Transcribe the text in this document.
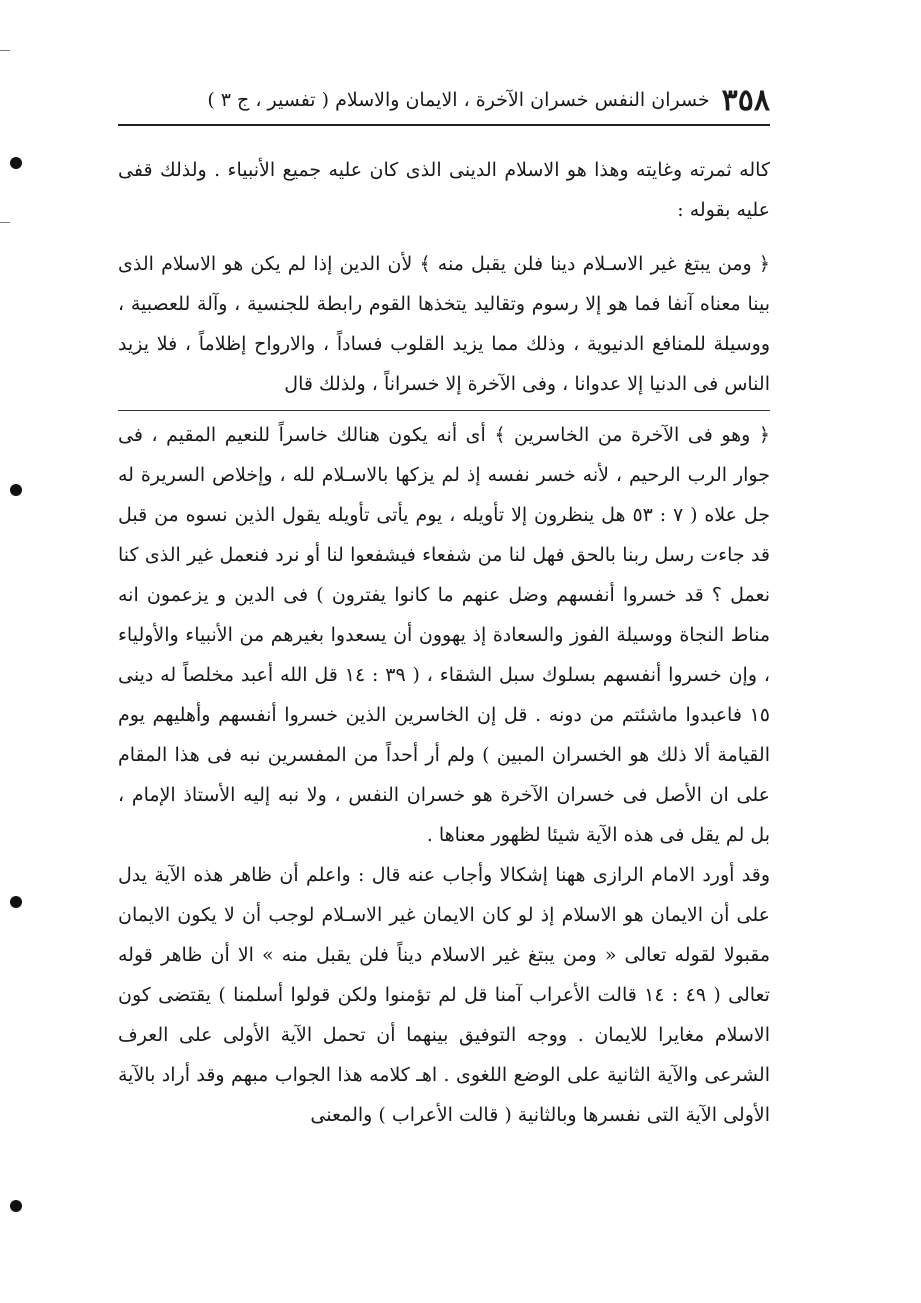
٣٥٨
خسران النفس خسران الآخرة ، الايمان والاسلام ( تفسير ، ج ٣ )

كاله ثمرته وغايته وهذا هو الاسلام الدينى الذى كان عليه جميع الأنبياء . ولذلك قفى عليه بقوله :

﴿ ومن يبتغ غير الاسـلام دينا فلن يقبل منه ﴾ لأن الدين إذا لم يكن هو الاسلام الذى بينا معناه آنفا فما هو إلا رسوم وتقاليد يتخذها القوم رابطة للجنسية ، وآلة للعصبية ، ووسيلة للمنافع الدنيوية ، وذلك مما يزيد القلوب فساداً ، والارواح إظلاماً ، فلا يزيد الناس فى الدنيا إلا عدوانا ، وفى الآخرة إلا خسراناً ، ولذلك قال

﴿ وهو فى الآخرة من الخاسرين ﴾ أى أنه يكون هنالك خاسراً للنعيم المقيم ، فى جوار الرب الرحيم ، لأنه خسر نفسه إذ لم يزكها بالاسـلام لله ، وإخلاص السريرة له جل علاه ( ٧ : ٥٣ هل ينظرون إلا تأويله ، يوم يأتى تأويله يقول الذين نسوه من قبل قد جاءت رسل ربنا بالحق فهل لنا من شفعاء فيشفعوا لنا أو نرد فنعمل غير الذى كنا نعمل ؟ قد خسروا أنفسهم وضل عنهم ما كانوا يفترون ) فى الدين و يزعمون انه مناط النجاة ووسيلة الفوز والسعادة إذ يهوون أن يسعدوا بغيرهم من الأنبياء والأولياء ، وإن خسروا أنفسهم بسلوك سبل الشقاء ، ( ٣٩ : ١٤ قل الله أعبد مخلصاً له دينى ١٥ فاعبدوا ماشئتم من دونه . قل إن الخاسرين الذين خسروا أنفسهم وأهليهم يوم القيامة ألا ذلك هو الخسران المبين ) ولم أر أحداً من المفسرين نبه فى هذا المقام على ان الأصل فى خسران الآخرة هو خسران النفس ، ولا نبه إليه الأستاذ الإمام ، بل لم يقل فى هذه الآية شيئا لظهور معناها .

وقد أورد الامام الرازى ههنا إشكالا وأجاب عنه قال : واعلم أن ظاهر هذه الآية يدل على أن الايمان هو الاسلام إذ لو كان الايمان غير الاسـلام لوجب أن لا يكون الايمان مقبولا لقوله تعالى « ومن يبتغ غير الاسلام ديناً فلن يقبل منه » الا أن ظاهر قوله تعالى ( ٤٩ : ١٤ قالت الأعراب آمنا قل لم تؤمنوا ولكن قولوا أسلمنا ) يقتضى كون الاسلام مغايرا للايمان . ووجه التوفيق بينهما أن تحمل الآية الأولى على العرف الشرعى والآية الثانية على الوضع اللغوى . اهـ كلامه هذا الجواب مبهم وقد أراد بالآية الأولى الآية التى نفسرها وبالثانية ( قالت الأعراب ) والمعنى
